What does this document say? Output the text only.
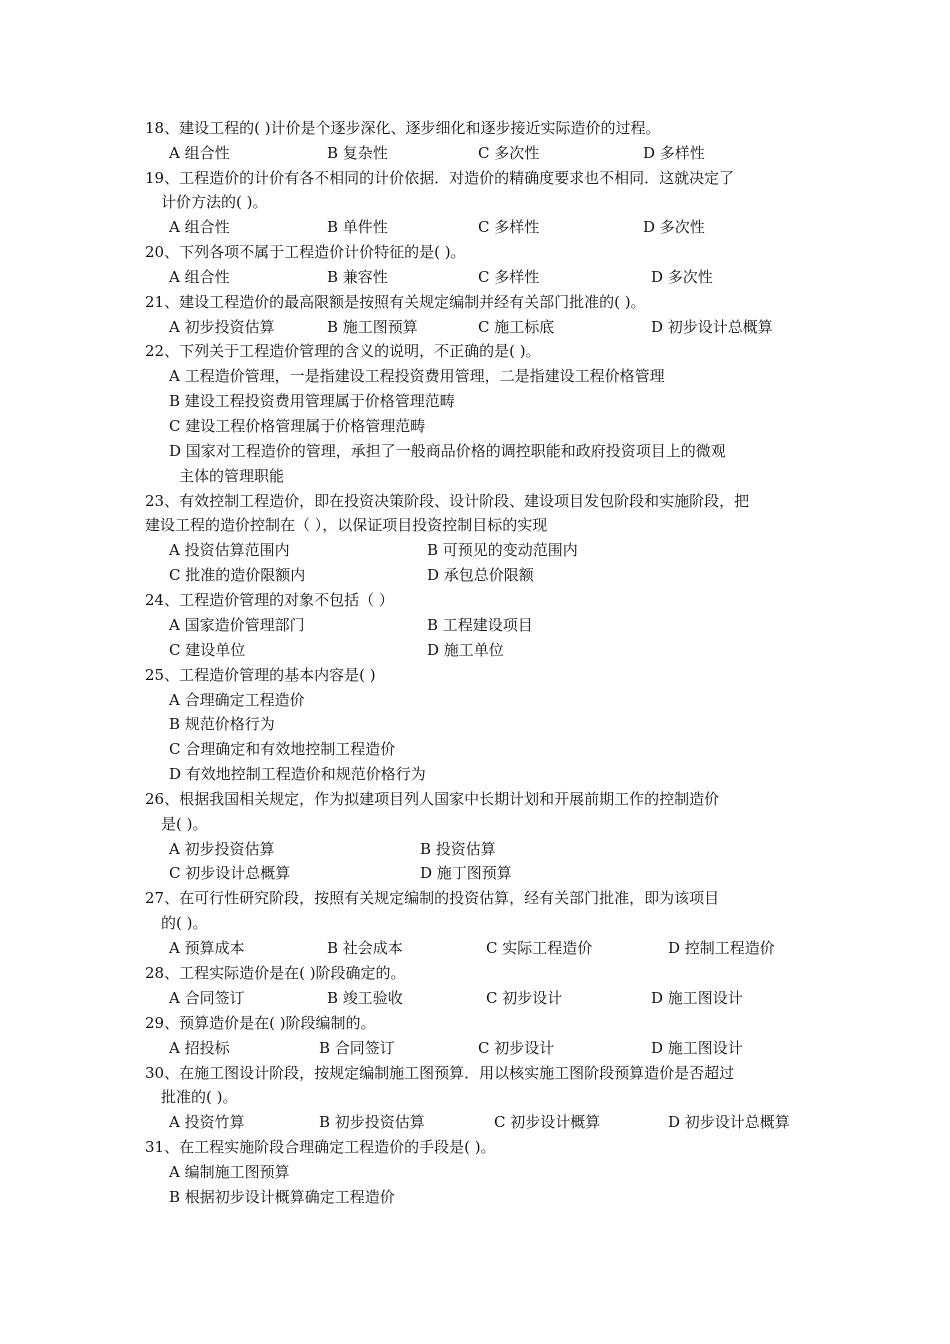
18、建设工程的( )计价是个逐步深化、逐步细化和逐步接近实际造价的过程。
A 组合性	B 复杂性	C 多次性	D 多样性
19、工程造价的计价有各不相同的计价依据．对造价的精确度要求也不相同．这就决定了
计价方法的( )。
A 组合性	B 单件性	C 多样性	D 多次性
20、下列各项不属于工程造价计价特征的是( )。
A 组合性	B 兼容性	C 多样性	D 多次性
21、建设工程造价的最高限额是按照有关规定编制并经有关部门批准的( )。
A 初步投资估算	B 施工图预算	C 施工标底	D 初步设计总概算
22、下列关于工程造价管理的含义的说明，不正确的是( )。
A 工程造价管理，一是指建设工程投资费用管理，二是指建设工程价格管理
B 建设工程投资费用管理属于价格管理范畴
C 建设工程价格管理属于价格管理范畴
D 国家对工程造价的管理，承担了一般商品价格的调控职能和政府投资项目上的微观
主体的管理职能
23、有效控制工程造价，即在投资决策阶段、设计阶段、建设项目发包阶段和实施阶段，把
建设工程的造价控制在（ ），以保证项目投资控制目标的实现
A 投资估算范围内	B 可预见的变动范围内
C 批准的造价限额内	D 承包总价限额
24、工程造价管理的对象不包括（ ）
A 国家造价管理部门	B 工程建设项目
C 建设单位	D 施工单位
25、工程造价管理的基本内容是( )
A 合理确定工程造价
B 规范价格行为
C 合理确定和有效地控制工程造价
D 有效地控制工程造价和规范价格行为
26、根据我国相关规定，作为拟建项目列人国家中长期计划和开展前期工作的控制造价
是( )。
A 初步投资估算	B 投资估算
C 初步设计总概算	D 施丁图预算
27、在可行性研究阶段，按照有关规定编制的投资估算，经有关部门批准，即为该项目
的( )。
A 预算成本	B 社会成本	C 实际工程造价	D 控制工程造价
28、工程实际造价是在( )阶段确定的。
A 合同签订	B 竣工验收	C 初步设计	D 施工图设计
29、预算造价是在( )阶段编制的。
A 招投标	B 合同签订	C 初步设计	D 施工图设计
30、在施工图设计阶段，按规定编制施工图预算．用以核实施工图阶段预算造价是否超过
批准的( )。
A 投资竹算	B 初步投资估算	C 初步设计概算	D 初步设计总概算
31、在工程实施阶段合理确定工程造价的手段是( )。
A 编制施工图预算
B 根据初步设计概算确定工程造价
